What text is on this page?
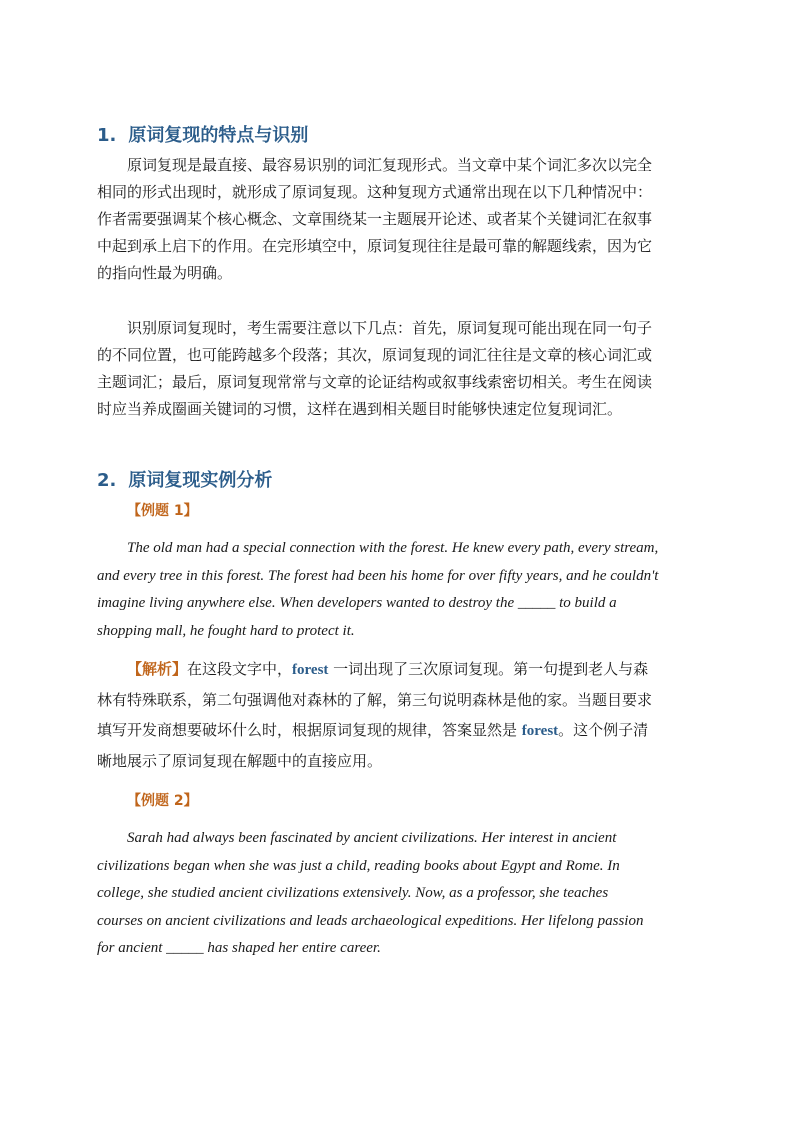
1. 原词复现的特点与识别
原词复现是最直接、最容易识别的词汇复现形式。当文章中某个词汇多次以完全
相同的形式出现时，就形成了原词复现。这种复现方式通常出现在以下几种情况中：
作者需要强调某个核心概念、文章围绕某一主题展开论述、或者某个关键词汇在叙事
中起到承上启下的作用。在完形填空中，原词复现往往是最可靠的解题线索，因为它
的指向性最为明确。
识别原词复现时，考生需要注意以下几点：首先，原词复现可能出现在同一句子
的不同位置，也可能跨越多个段落；其次，原词复现的词汇往往是文章的核心词汇或
主题词汇；最后，原词复现常常与文章的论证结构或叙事线索密切相关。考生在阅读
时应当养成圈画关键词的习惯，这样在遇到相关题目时能够快速定位复现词汇。
2. 原词复现实例分析
【例题 1】
The old man had a special connection with the forest. He knew every path, every stream,
and every tree in this forest. The forest had been his home for over fifty years, and he couldn't
imagine living anywhere else. When developers wanted to destroy the _____ to build a
shopping mall, he fought hard to protect it.
【解析】在这段文字中，forest 一词出现了三次原词复现。第一句提到老人与森
林有特殊联系，第二句强调他对森林的了解，第三句说明森林是他的家。当题目要求
填写开发商想要破坏什么时，根据原词复现的规律，答案显然是 forest。这个例子清
晰地展示了原词复现在解题中的直接应用。
【例题 2】
Sarah had always been fascinated by ancient civilizations. Her interest in ancient
civilizations began when she was just a child, reading books about Egypt and Rome. In
college, she studied ancient civilizations extensively. Now, as a professor, she teaches
courses on ancient civilizations and leads archaeological expeditions. Her lifelong passion
for ancient _____ has shaped her entire career.
